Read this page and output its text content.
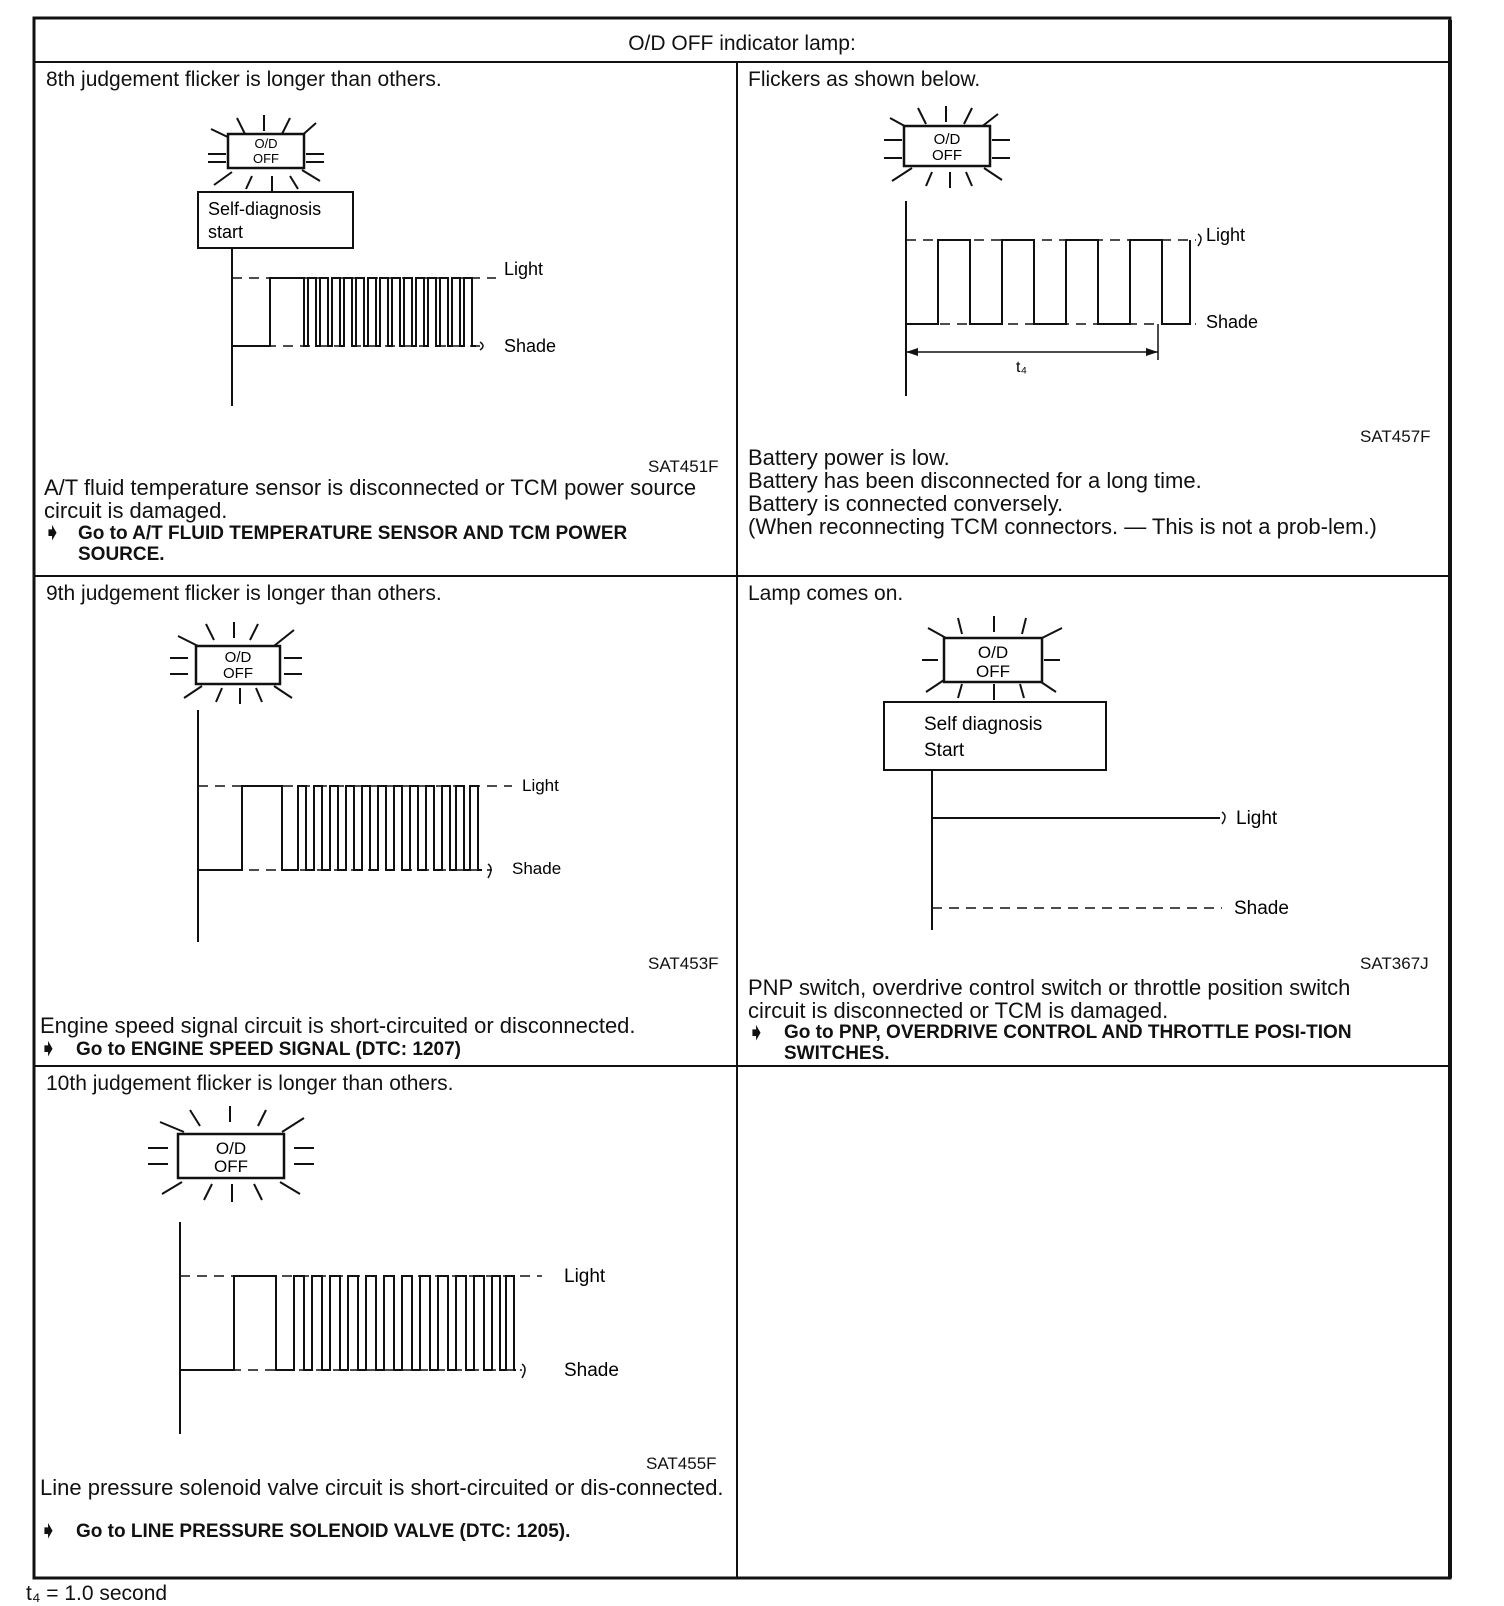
O/D OFF indicator lamp:
8th judgement flicker is longer than others.
O/D
OFF
Self-diagnosis
start
Light
Shade
SAT451F
A/T fluid temperature sensor is disconnected or TCM power source circuit is damaged.
➧ Go to A/T FLUID TEMPERATURE SENSOR AND TCM POWER SOURCE.
Flickers as shown below.
O/D
OFF
t₄
Light
Shade
SAT457F
Battery power is low.
Battery has been disconnected for a long time.
Battery is connected conversely.
(When reconnecting TCM connectors. — This is not a prob-lem.)
9th judgement flicker is longer than others.
O/D
OFF
Light
Shade
SAT453F
Engine speed signal circuit is short-circuited or disconnected.
➧ Go to ENGINE SPEED SIGNAL (DTC: 1207)
Lamp comes on.
O/D
OFF
Self diagnosis
Start
Light
Shade
SAT367J
PNP switch, overdrive control switch or throttle position switch circuit is disconnected or TCM is damaged.
➧ Go to PNP, OVERDRIVE CONTROL AND THROTTLE POSI-TION SWITCHES.
10th judgement flicker is longer than others.
O/D
OFF
Light
Shade
SAT455F
Line pressure solenoid valve circuit is short-circuited or dis-connected.
➧ Go to LINE PRESSURE SOLENOID VALVE (DTC: 1205).
t₄ = 1.0 second
